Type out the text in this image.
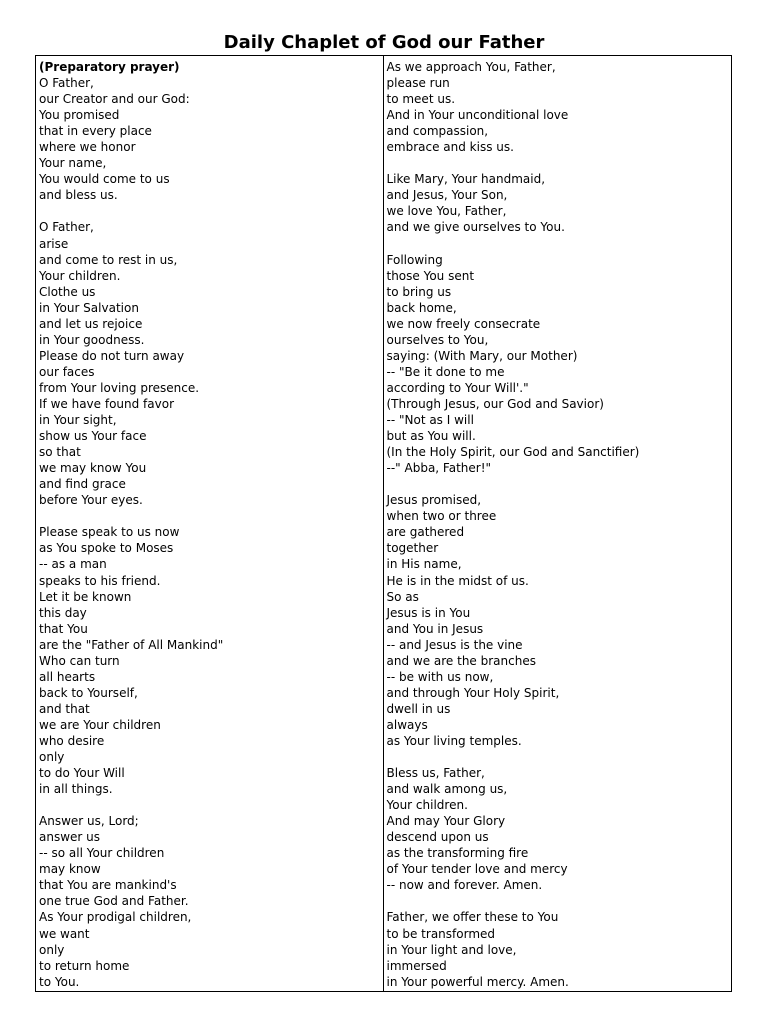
Daily Chaplet of God our Father
(Preparatory prayer)
O Father,
our Creator and our God:
You promised
that in every place
where we honor
Your name,
You would come to us
and bless us.
O Father,
arise
and come to rest in us,
Your children.
Clothe us
in Your Salvation
and let us rejoice
in Your goodness.
Please do not turn away
our faces
from Your loving presence.
If we have found favor
in Your sight,
show us Your face
so that
we may know You
and find grace
before Your eyes.
Please speak to us now
as You spoke to Moses
-- as a man
speaks to his friend.
Let it be known
this day
that You
are the "Father of All Mankind"
Who can turn
all hearts
back to Yourself,
and that
we are Your children
who desire
only
to do Your Will
in all things.
Answer us, Lord;
answer us
-- so all Your children
may know
that You are mankind's
one true God and Father.
As Your prodigal children,
we want
only
to return home
to You.
As we approach You, Father,
please run
to meet us.
And in Your unconditional love
and compassion,
embrace and kiss us.
Like Mary, Your handmaid,
and Jesus, Your Son,
we love You, Father,
and we give ourselves to You.
Following
those You sent
to bring us
back home,
we now freely consecrate
ourselves to You,
saying: (With Mary, our Mother)
-- "Be it done to me
according to Your Will'."
(Through Jesus, our God and Savior)
-- "Not as I will
but as You will.
(In the Holy Spirit, our God and Sanctifier)
--" Abba, Father!"
Jesus promised,
when two or three
are gathered
together
in His name,
He is in the midst of us.
So as
Jesus is in You
and You in Jesus
-- and Jesus is the vine
and we are the branches
-- be with us now,
and through Your Holy Spirit,
dwell in us
always
as Your living temples.
Bless us, Father,
and walk among us,
Your children.
And may Your Glory
descend upon us
as the transforming fire
of Your tender love and mercy
-- now and forever. Amen.
Father, we offer these to You
to be transformed
in Your light and love,
immersed
in Your powerful mercy. Amen.
